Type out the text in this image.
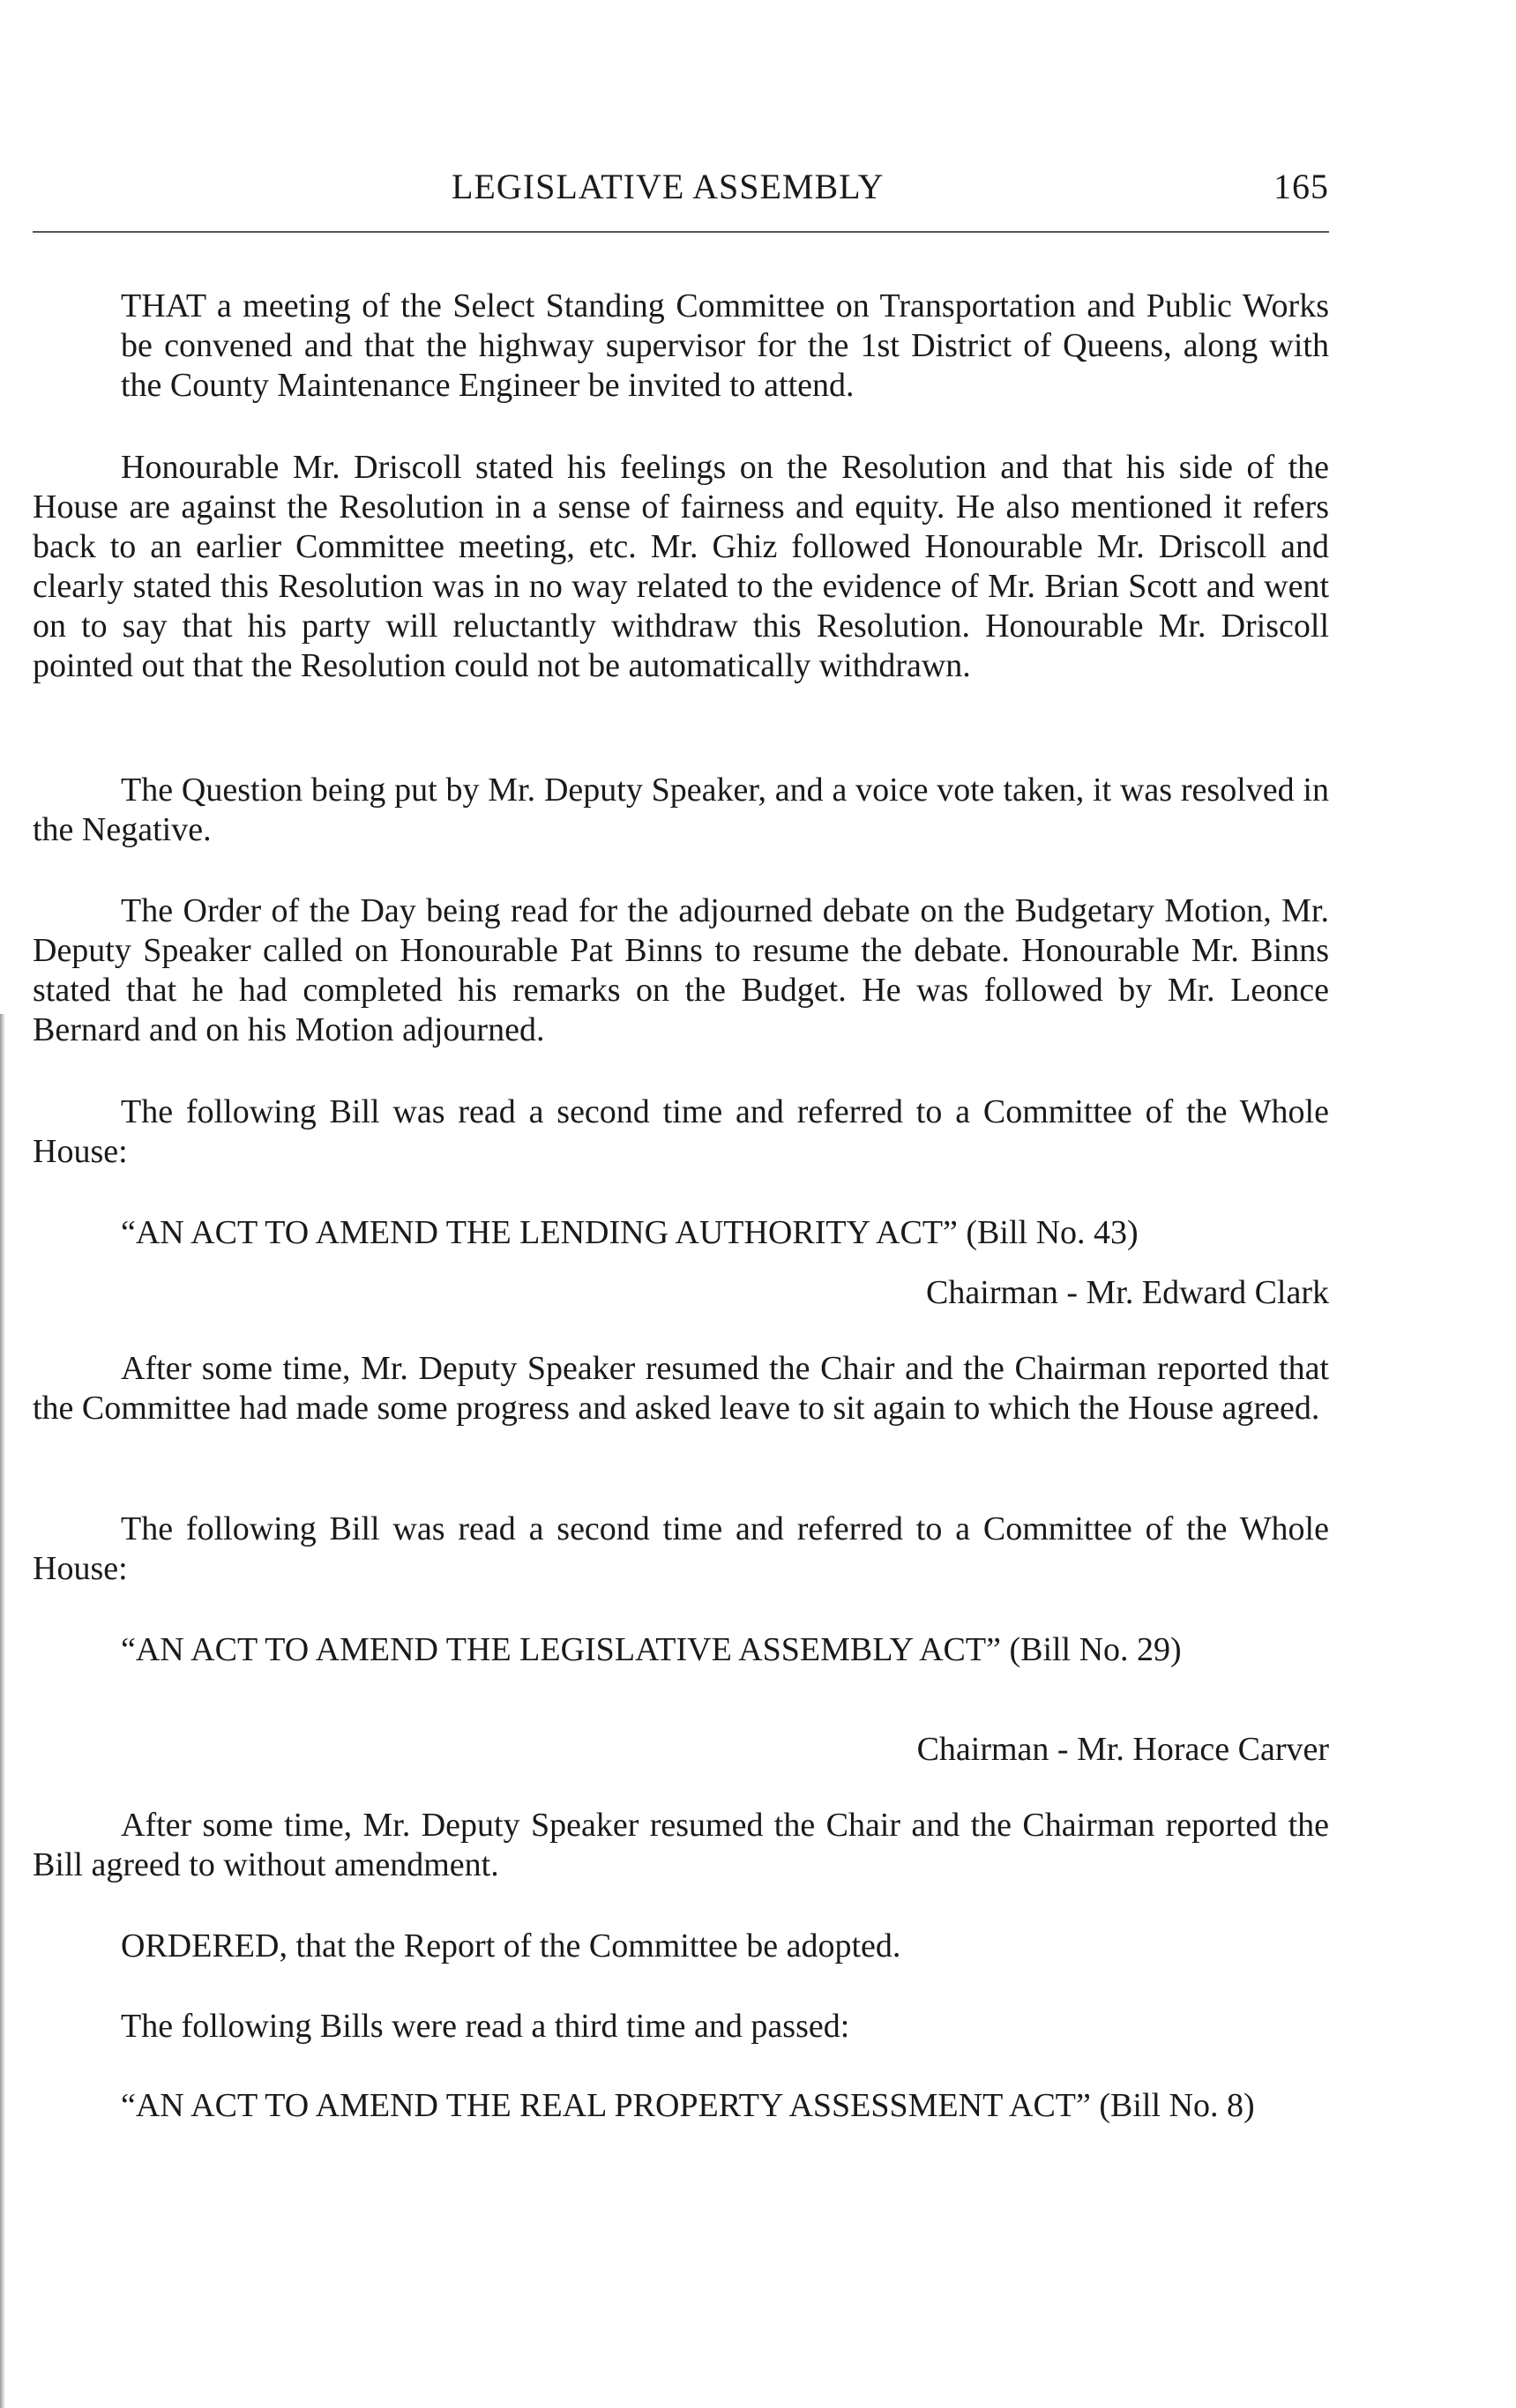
LEGISLATIVE ASSEMBLY	165

THAT a meeting of the Select Standing Committee on Transportation and Public Works be convened and that the highway supervisor for the 1st District of Queens, along with the County Maintenance Engineer be invited to attend.

Honourable Mr. Driscoll stated his feelings on the Resolution and that his side of the House are against the Resolution in a sense of fairness and equity. He also mentioned it refers back to an earlier Committee meeting, etc. Mr. Ghiz followed Honourable Mr. Driscoll and clearly stated this Resolution was in no way related to the evidence of Mr. Brian Scott and went on to say that his party will reluctantly withdraw this Resolution. Honourable Mr. Driscoll pointed out that the Resolution could not be automatically withdrawn.

The Question being put by Mr. Deputy Speaker, and a voice vote taken, it was resolved in the Negative.

The Order of the Day being read for the adjourned debate on the Budgetary Motion, Mr. Deputy Speaker called on Honourable Pat Binns to resume the debate. Honourable Mr. Binns stated that he had completed his remarks on the Budget. He was followed by Mr. Leonce Bernard and on his Motion adjourned.

The following Bill was read a second time and referred to a Committee of the Whole House:

“AN ACT TO AMEND THE LENDING AUTHORITY ACT” (Bill No. 43)

Chairman - Mr. Edward Clark

After some time, Mr. Deputy Speaker resumed the Chair and the Chairman reported that the Committee had made some progress and asked leave to sit again to which the House agreed.

The following Bill was read a second time and referred to a Committee of the Whole House:

“AN ACT TO AMEND THE LEGISLATIVE ASSEMBLY ACT” (Bill No. 29)

Chairman - Mr. Horace Carver

After some time, Mr. Deputy Speaker resumed the Chair and the Chairman reported the Bill agreed to without amendment.

ORDERED, that the Report of the Committee be adopted.

The following Bills were read a third time and passed:

“AN ACT TO AMEND THE REAL PROPERTY ASSESSMENT ACT” (Bill No. 8)
